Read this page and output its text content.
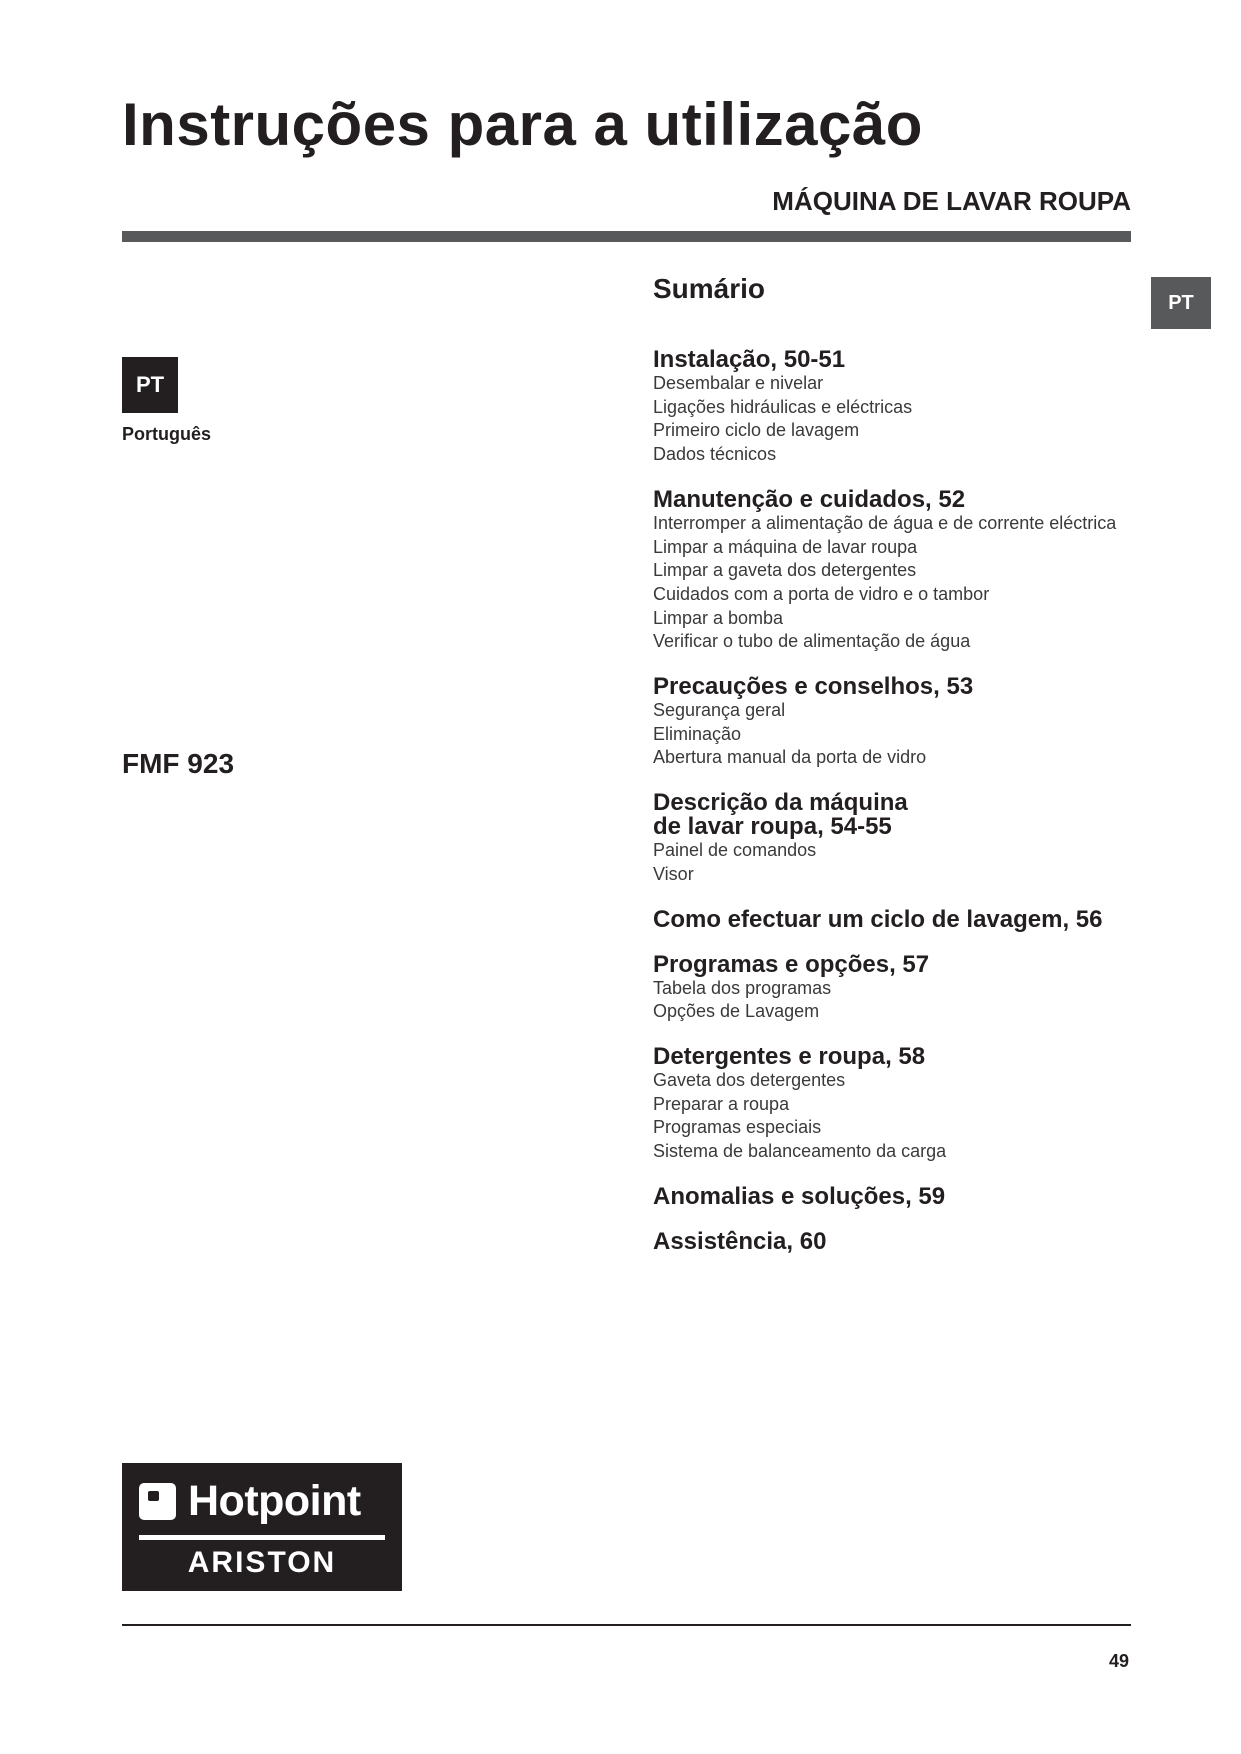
Instruções para a utilização
MÁQUINA DE LAVAR ROUPA
PT
PT
Português
FMF 923
Sumário
Instalação, 50-51
Desembalar e nivelar
Ligações hidráulicas e eléctricas
Primeiro ciclo de lavagem
Dados técnicos
Manutenção e cuidados, 52
Interromper a alimentação de água e de corrente eléctrica
Limpar a máquina de lavar roupa
Limpar a gaveta dos detergentes
Cuidados com a porta de vidro e o tambor
Limpar a bomba
Verificar o tubo de alimentação de água
Precauções e conselhos, 53
Segurança geral
Eliminação
Abertura manual da porta de vidro
Descrição da máquina
de lavar roupa, 54-55
Painel de comandos
Visor
Como efectuar um ciclo de lavagem, 56
Programas e opções, 57
Tabela dos programas
Opções de Lavagem
Detergentes e roupa, 58
Gaveta dos detergentes
Preparar a roupa
Programas especiais
Sistema de balanceamento da carga
Anomalias e soluções, 59
Assistência, 60
Hotpoint
ARISTON
49
